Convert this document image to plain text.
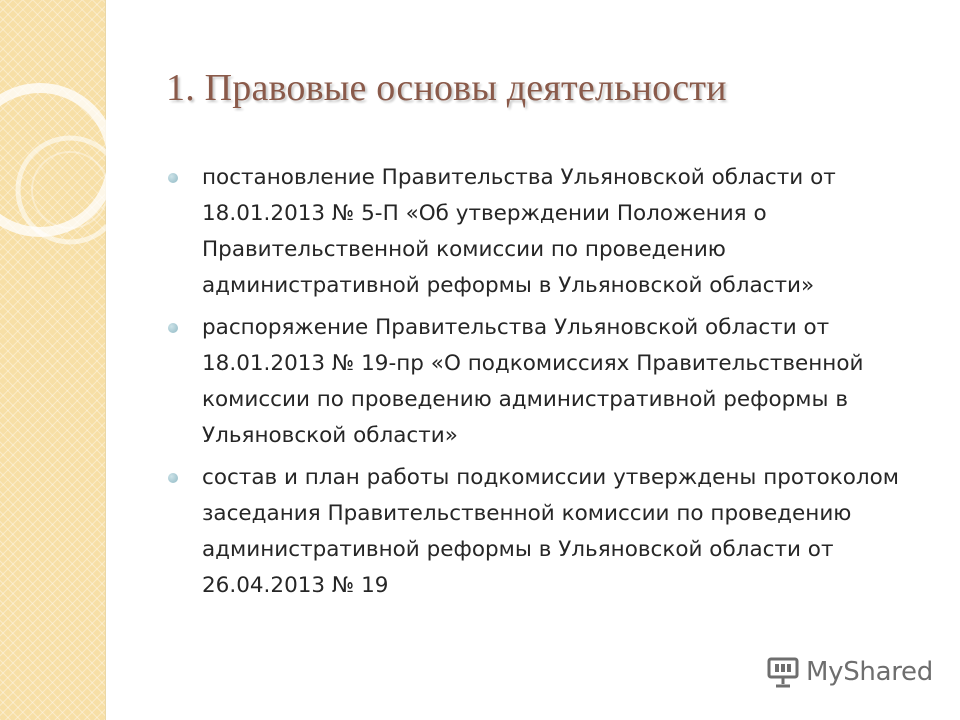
1. Правовые основы деятельности
постановление Правительства Ульяновской области от 18.01.2013 № 5-П «Об утверждении Положения о Правительственной комиссии по проведению административной реформы в Ульяновской области»
распоряжение Правительства Ульяновской области от 18.01.2013 № 19-пр «О подкомиссиях Правительственной комиссии по проведению административной реформы в Ульяновской области»
состав и план работы подкомиссии утверждены протоколом заседания Правительственной комиссии по проведению административной реформы в Ульяновской области от 26.04.2013 № 19
MyShared
